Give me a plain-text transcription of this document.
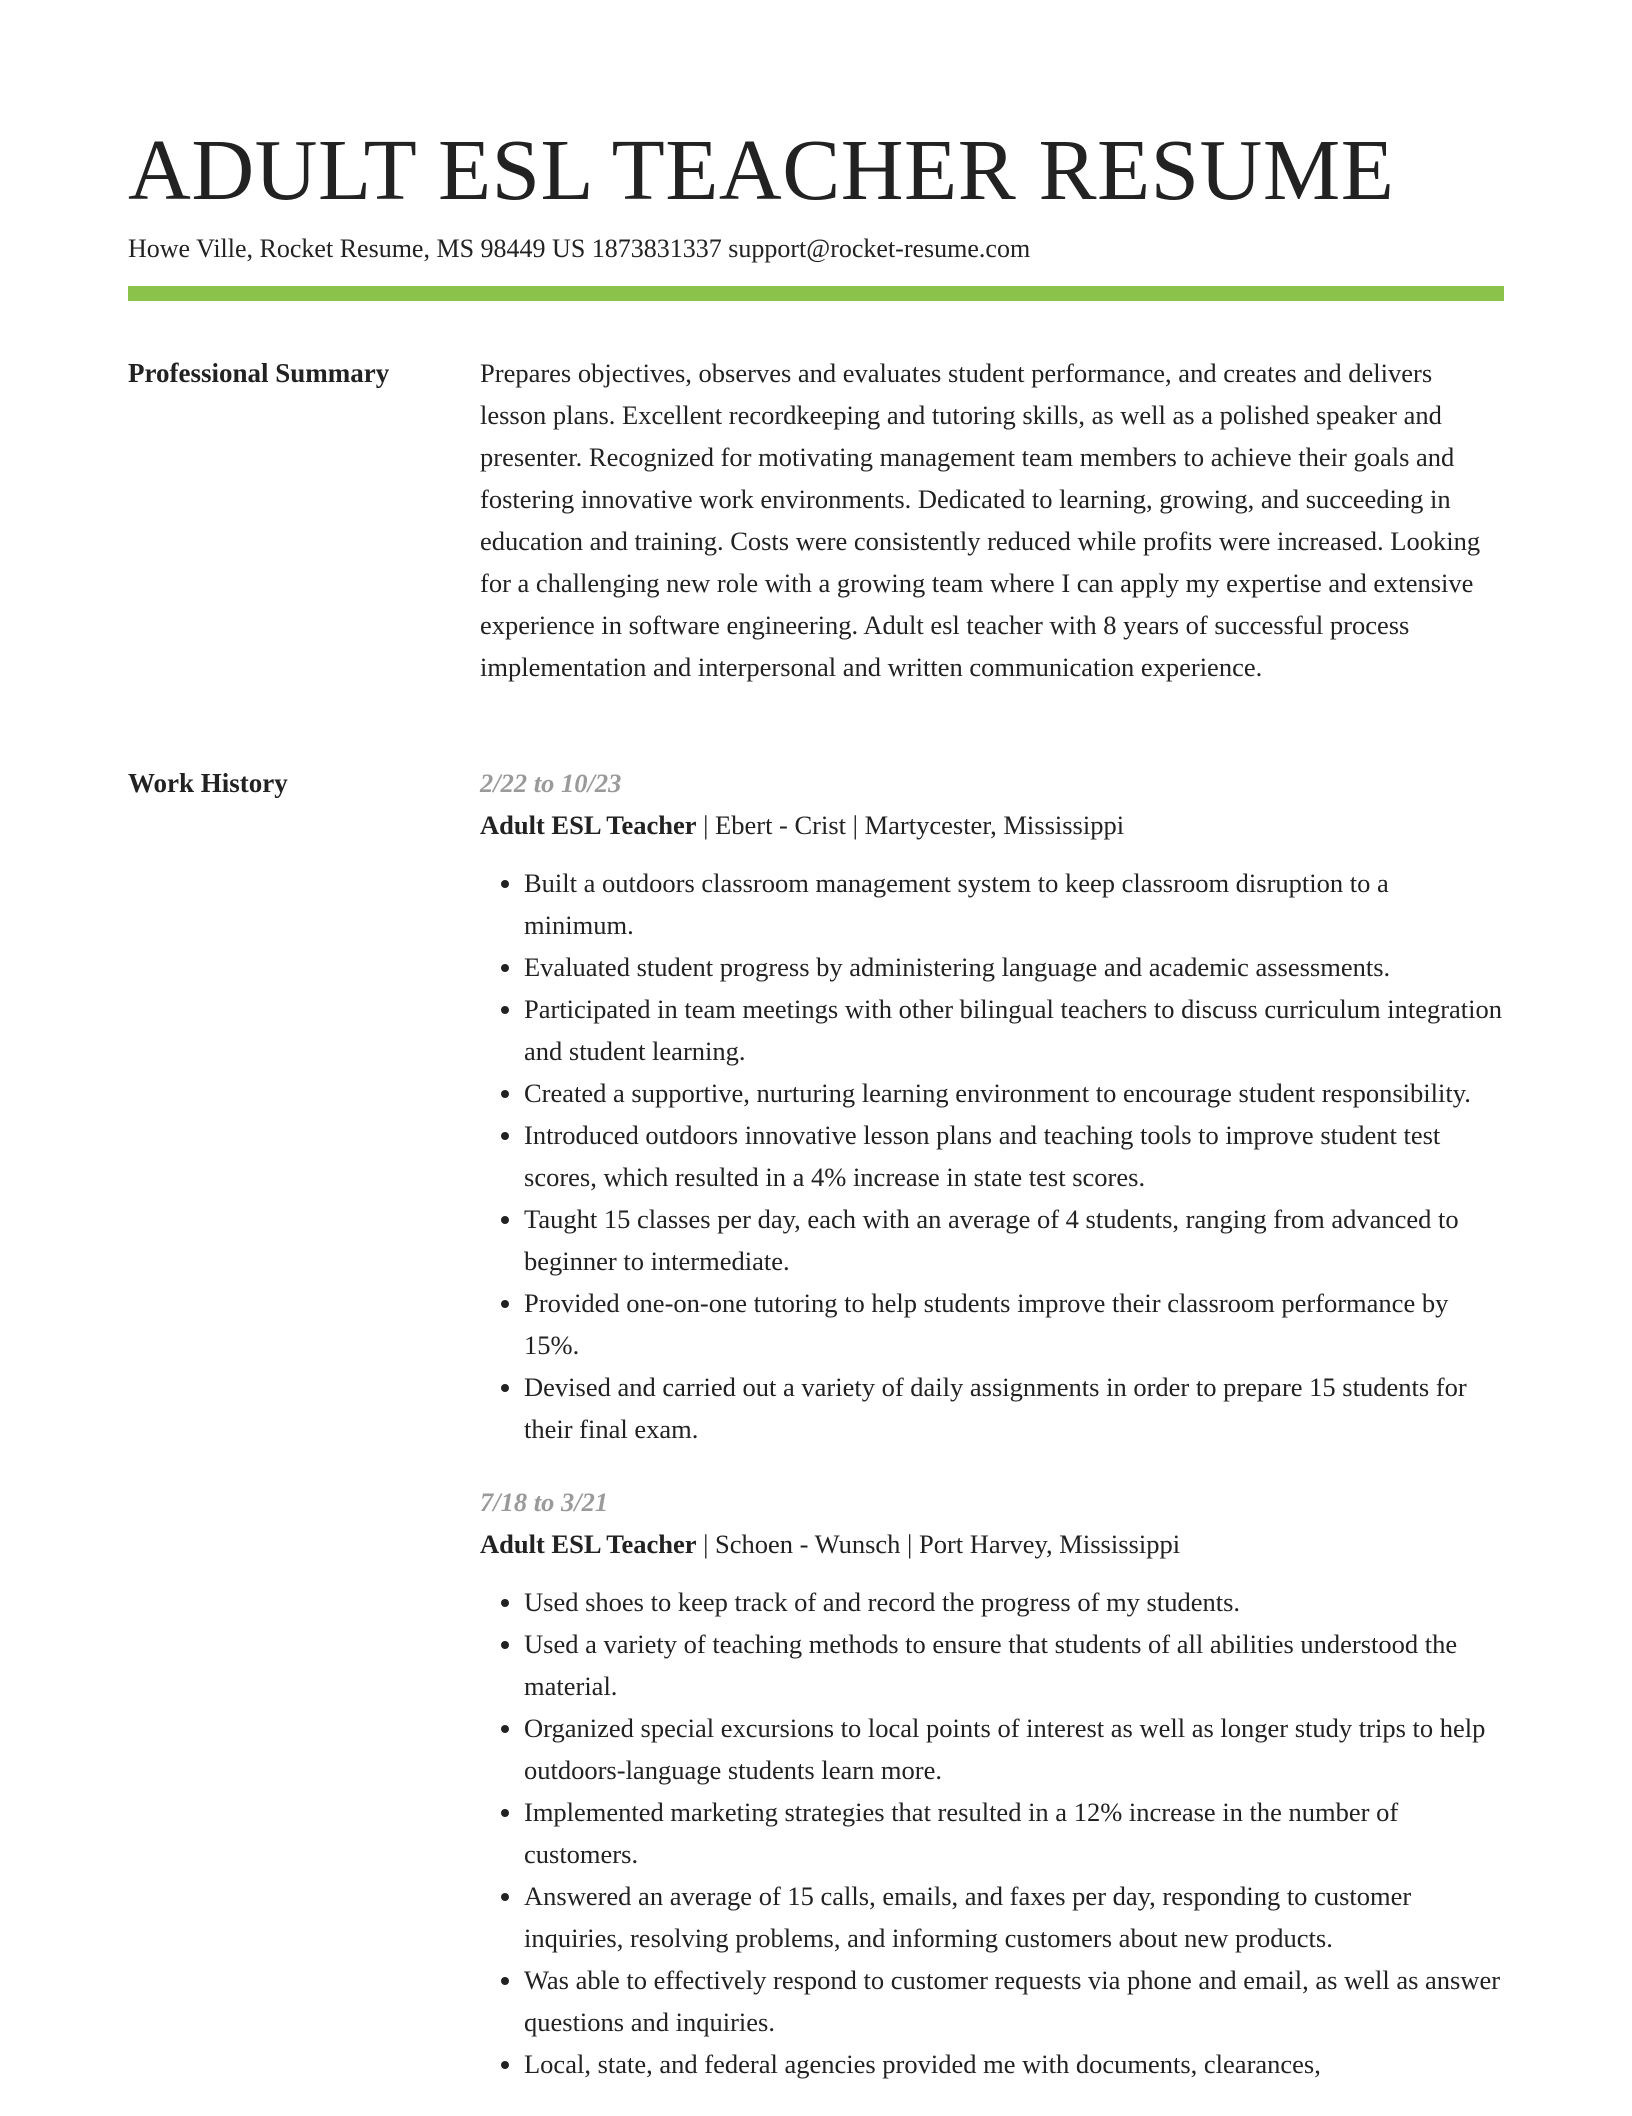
ADULT ESL TEACHER RESUME
Howe Ville, Rocket Resume, MS 98449 US 1873831337 support@rocket-resume.com
Professional Summary	Prepares objectives, observes and evaluates student performance, and creates and delivers lesson plans. Excellent recordkeeping and tutoring skills, as well as a polished speaker and presenter. Recognized for motivating management team members to achieve their goals and fostering innovative work environments. Dedicated to learning, growing, and succeeding in education and training. Costs were consistently reduced while profits were increased. Looking for a challenging new role with a growing team where I can apply my expertise and extensive experience in software engineering. Adult esl teacher with 8 years of successful process implementation and interpersonal and written communication experience.

Work History	2/22 to 10/23
Adult ESL Teacher | Ebert - Crist | Martycester, Mississippi
• Built a outdoors classroom management system to keep classroom disruption to a minimum.
• Evaluated student progress by administering language and academic assessments.
• Participated in team meetings with other bilingual teachers to discuss curriculum integration and student learning.
• Created a supportive, nurturing learning environment to encourage student responsibility.
• Introduced outdoors innovative lesson plans and teaching tools to improve student test scores, which resulted in a 4% increase in state test scores.
• Taught 15 classes per day, each with an average of 4 students, ranging from advanced to beginner to intermediate.
• Provided one-on-one tutoring to help students improve their classroom performance by 15%.
• Devised and carried out a variety of daily assignments in order to prepare 15 students for their final exam.
7/18 to 3/21
Adult ESL Teacher | Schoen - Wunsch | Port Harvey, Mississippi
• Used shoes to keep track of and record the progress of my students.
• Used a variety of teaching methods to ensure that students of all abilities understood the material.
• Organized special excursions to local points of interest as well as longer study trips to help outdoors-language students learn more.
• Implemented marketing strategies that resulted in a 12% increase in the number of customers.
• Answered an average of 15 calls, emails, and faxes per day, responding to customer inquiries, resolving problems, and informing customers about new products.
• Was able to effectively respond to customer requests via phone and email, as well as answer questions and inquiries.
• Local, state, and federal agencies provided me with documents, clearances,
